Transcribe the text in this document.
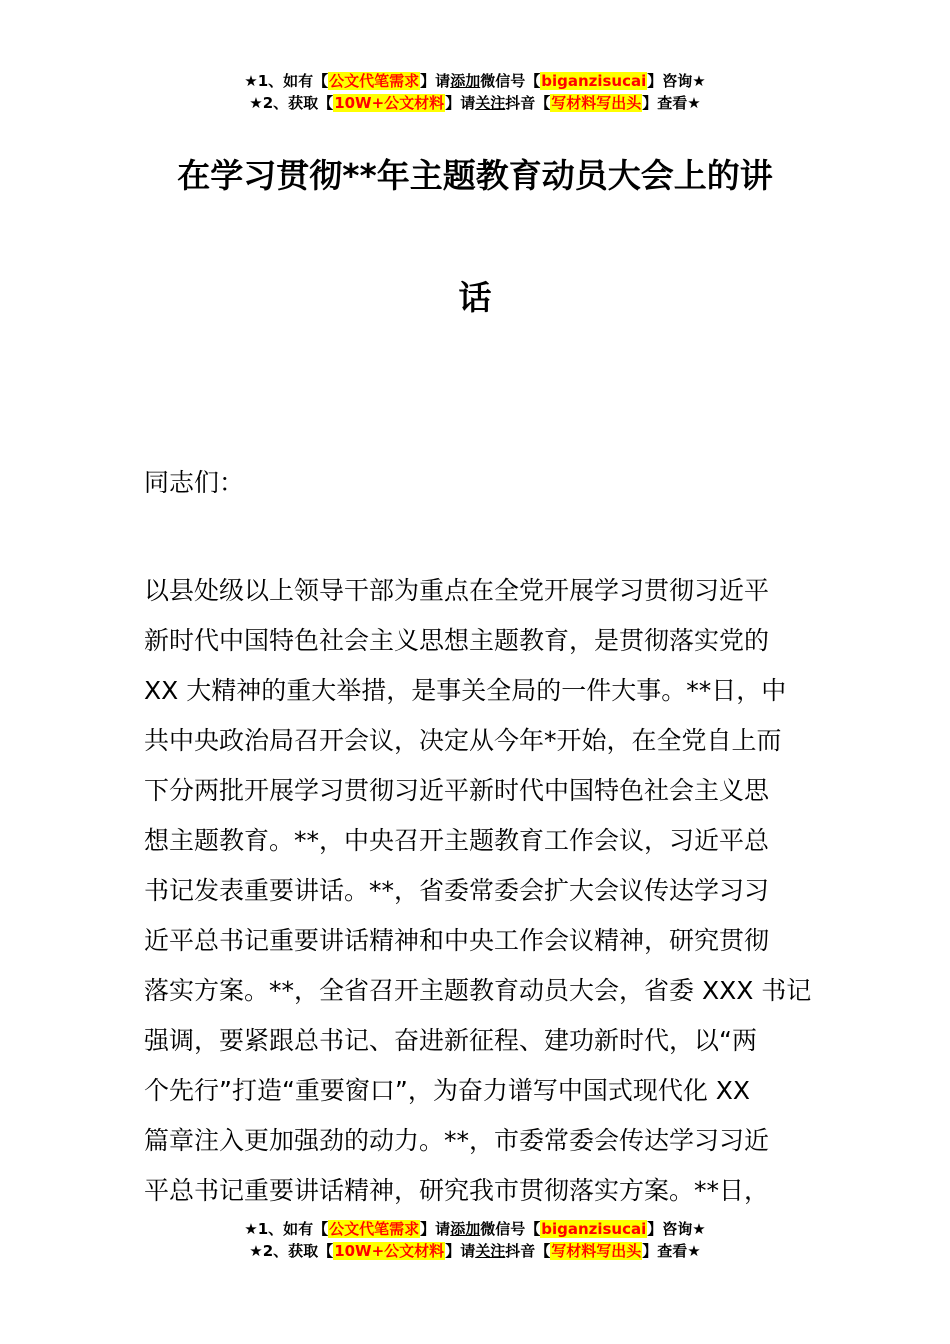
★1、如有【公文代笔需求】请添加微信号【biganzisucai】咨询★
★2、获取【10W+公文材料】请关注抖音【写材料写出头】查看★
在学习贯彻**年主题教育动员大会上的讲
话
同志们：
以县处级以上领导干部为重点在全党开展学习贯彻习近平
新时代中国特色社会主义思想主题教育，是贯彻落实党的
XX 大精神的重大举措，是事关全局的一件大事。**日，中
共中央政治局召开会议，决定从今年*开始，在全党自上而
下分两批开展学习贯彻习近平新时代中国特色社会主义思
想主题教育。**，中央召开主题教育工作会议，习近平总
书记发表重要讲话。**，省委常委会扩大会议传达学习习
近平总书记重要讲话精神和中央工作会议精神，研究贯彻
落实方案。**，全省召开主题教育动员大会，省委 XXX 书记
强调，要紧跟总书记、奋进新征程、建功新时代，以“两
个先行”打造“重要窗口”，为奋力谱写中国式现代化 XX
篇章注入更加强劲的动力。**，市委常委会传达学习习近
平总书记重要讲话精神，研究我市贯彻落实方案。**日，
★1、如有【公文代笔需求】请添加微信号【biganzisucai】咨询★
★2、获取【10W+公文材料】请关注抖音【写材料写出头】查看★
